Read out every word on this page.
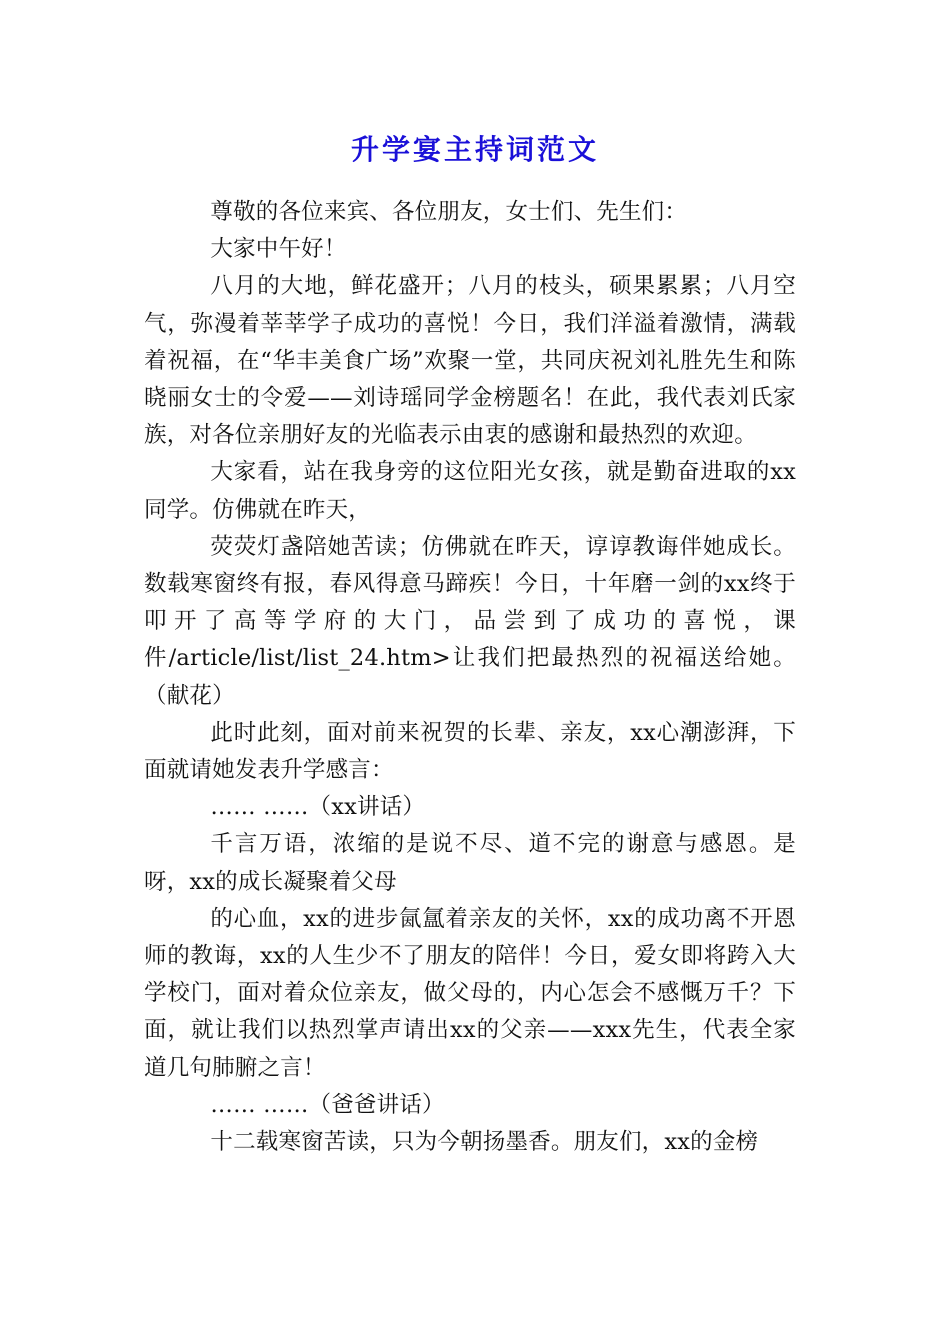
升学宴主持词范文

尊敬的各位来宾、各位朋友，女士们、先生们：

大家中午好！

八月的大地，鲜花盛开；八月的枝头，硕果累累；八月空气，弥漫着莘莘学子成功的喜悦！今日，我们洋溢着激情，满载着祝福，在“华丰美食广场”欢聚一堂，共同庆祝刘礼胜先生和陈晓丽女士的令爱——刘诗瑶同学金榜题名！在此，我代表刘氏家族，对各位亲朋好友的光临表示由衷的感谢和最热烈的欢迎。

大家看，站在我身旁的这位阳光女孩，就是勤奋进取的xx同学。仿佛就在昨天，

荧荧灯盏陪她苦读；仿佛就在昨天，谆谆教诲伴她成长。数载寒窗终有报，春风得意马蹄疾！今日，十年磨一剑的xx终于叩开了高等学府的大门，品尝到了成功的喜悦，课件/article/list/list_24.htm>让我们把最热烈的祝福送给她。（献花）

此时此刻，面对前来祝贺的长辈、亲友，xx心潮澎湃，下面就请她发表升学感言：

…… ……（xx讲话）

千言万语，浓缩的是说不尽、道不完的谢意与感恩。是呀，xx的成长凝聚着父母

的心血，xx的进步氤氲着亲友的关怀，xx的成功离不开恩师的教诲，xx的人生少不了朋友的陪伴！今日，爱女即将跨入大学校门，面对着众位亲友，做父母的，内心怎会不感慨万千？下面，就让我们以热烈掌声请出xx的父亲——xxx先生，代表全家道几句肺腑之言！

…… ……（爸爸讲话）

十二载寒窗苦读，只为今朝扬墨香。朋友们，xx的金榜
